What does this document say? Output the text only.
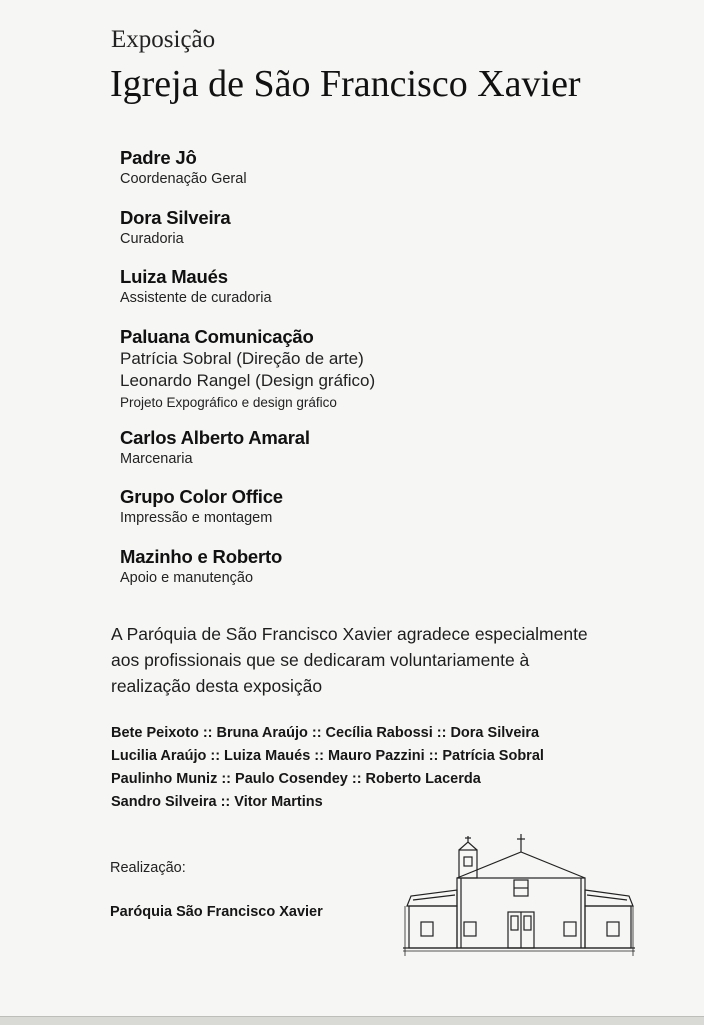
Exposição
Igreja de São Francisco Xavier
Padre Jô
Coordenação Geral
Dora Silveira
Curadoria
Luiza Maués
Assistente de curadoria
Paluana Comunicação
Patrícia Sobral (Direção de arte)
Leonardo Rangel (Design gráfico)
Projeto Expográfico e design gráfico
Carlos Alberto Amaral
Marcenaria
Grupo Color Office
Impressão e montagem
Mazinho e Roberto
Apoio e manutenção
A Paróquia de São Francisco Xavier agradece especialmente
aos profissionais que se dedicaram voluntariamente à
realização desta exposição
Bete Peixoto :: Bruna Araújo :: Cecília Rabossi :: Dora Silveira
Lucilia Araújo :: Luiza Maués :: Mauro Pazzini :: Patrícia Sobral
Paulinho Muniz :: Paulo Cosendey :: Roberto Lacerda
Sandro Silveira :: Vitor Martins
Realização:
Paróquia São Francisco Xavier
